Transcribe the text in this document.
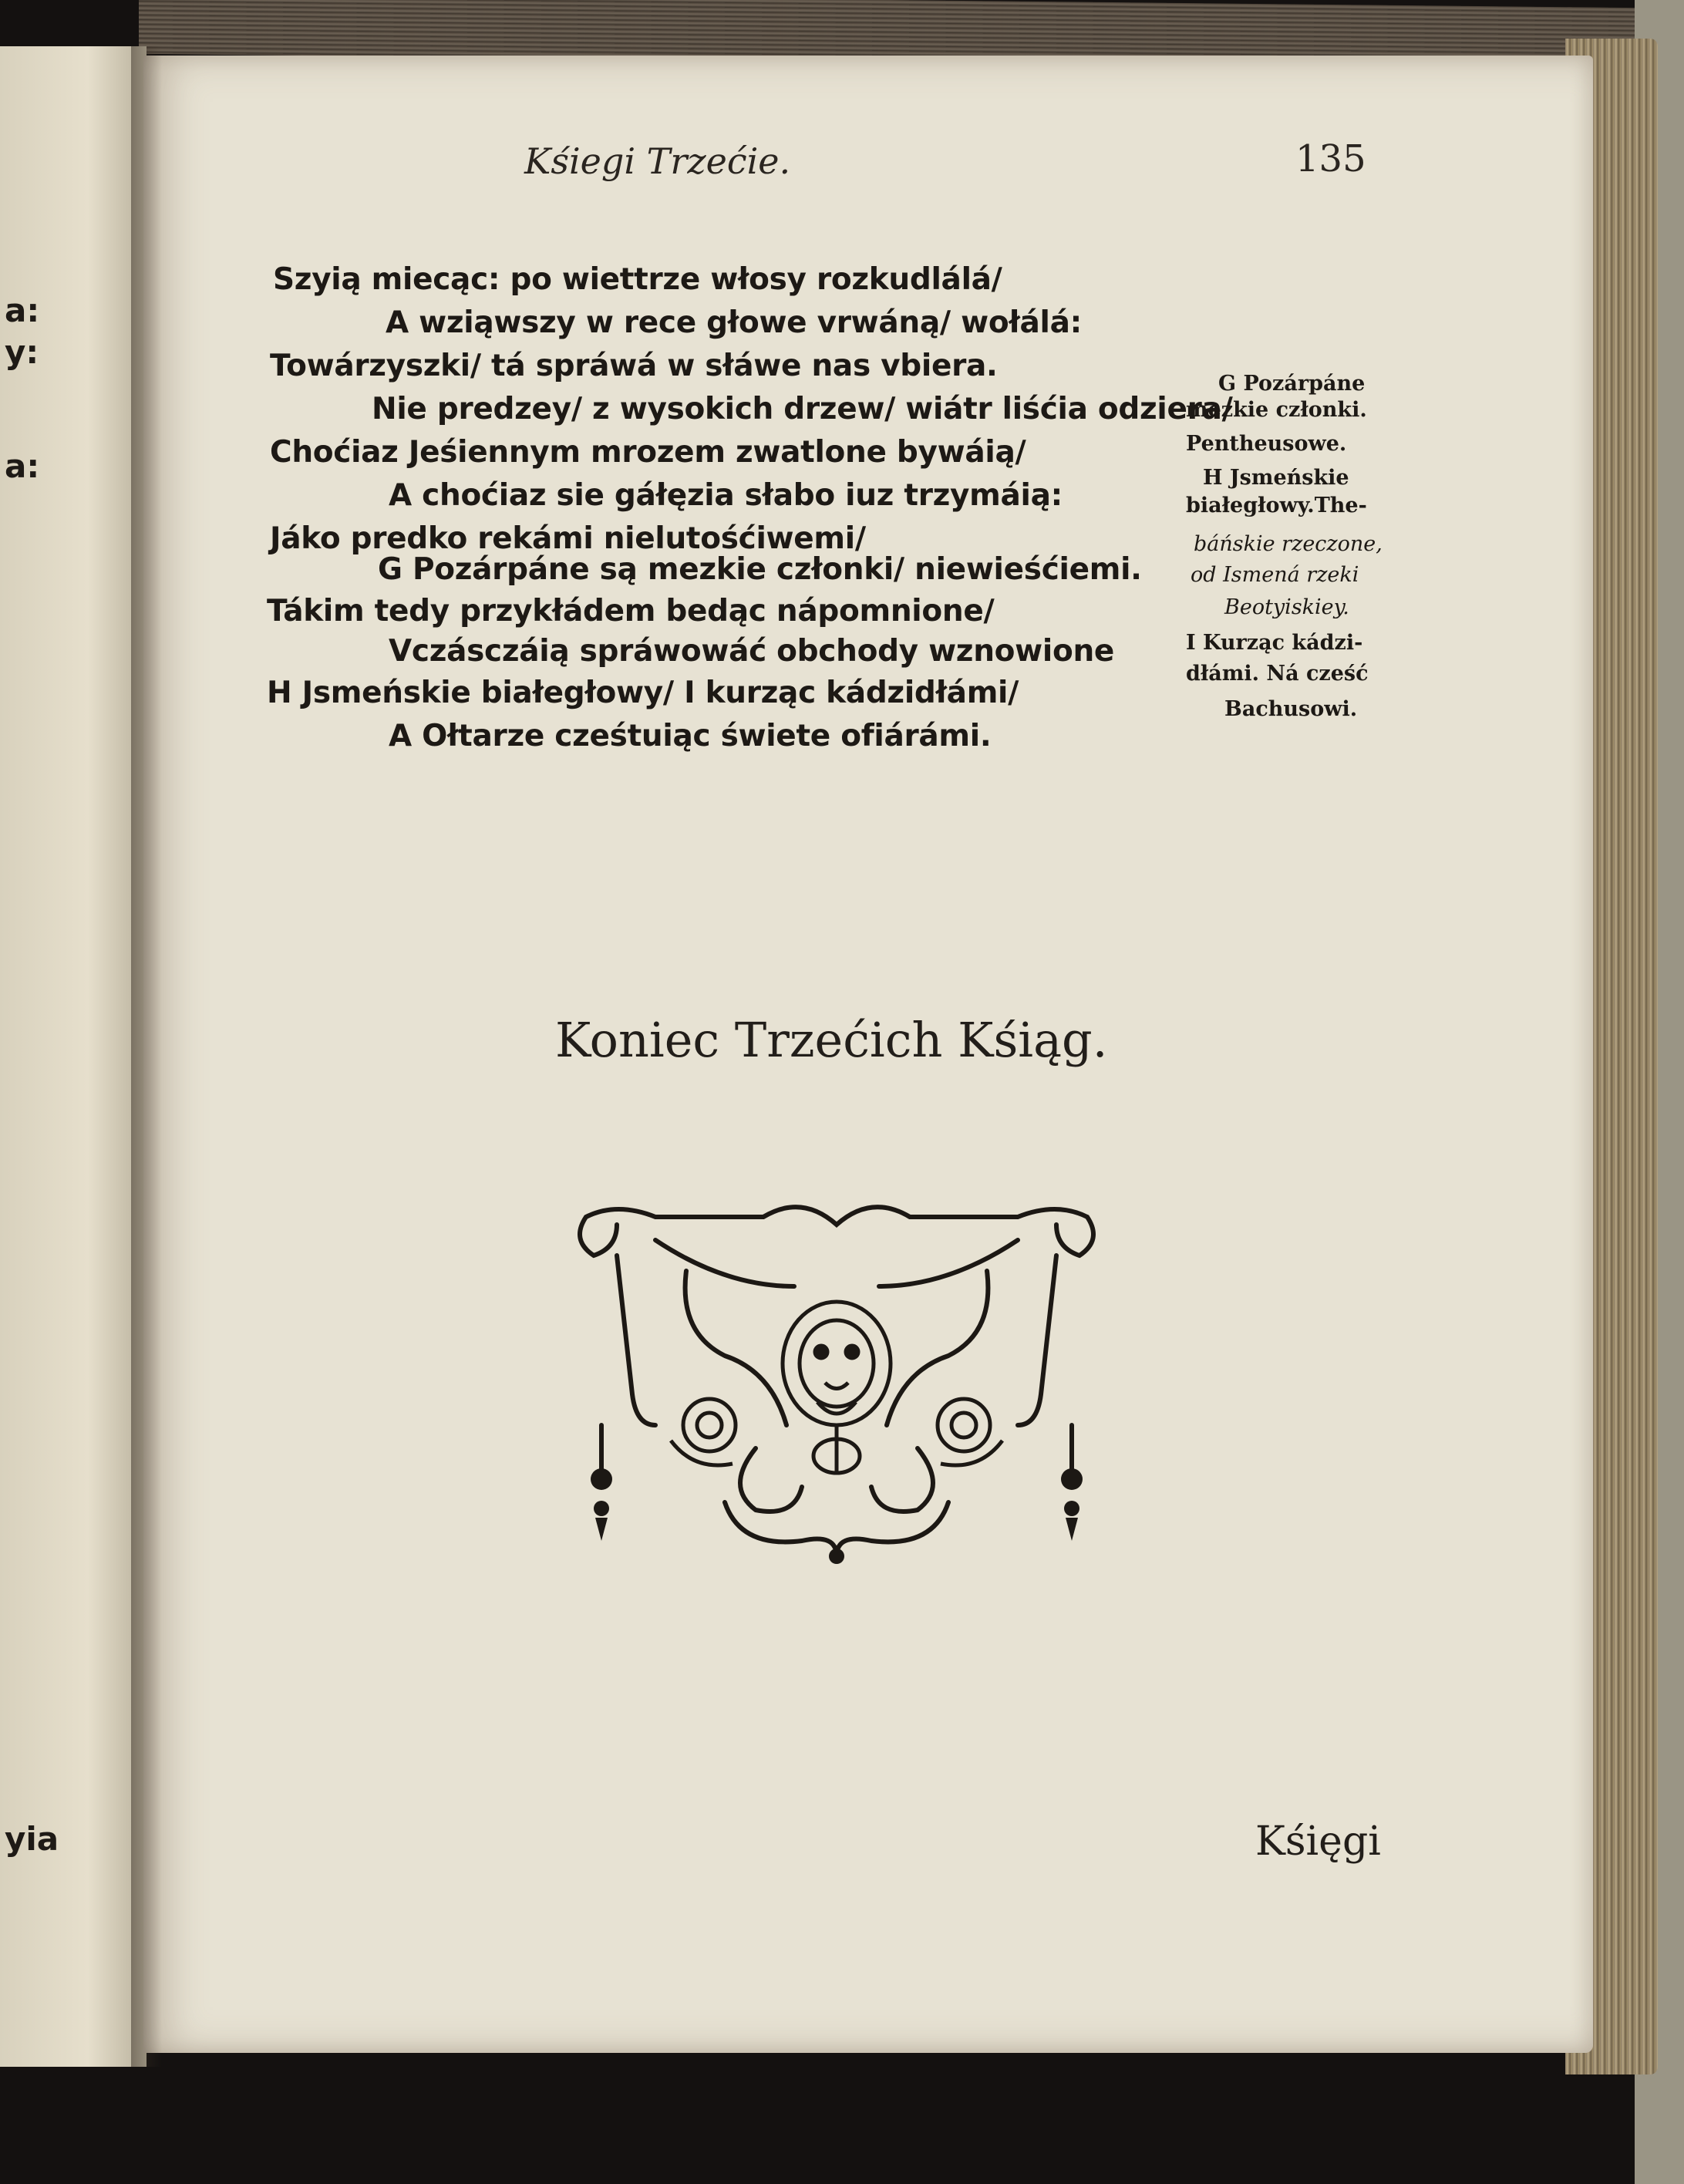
a:
y:
a:
yia

Kśiegi Trzećie.	135

Szyią miecąc: po wiettrze włosy rozkudlálá/

A wziąwszy w rece głowe vrwáną/ wołálá:

Towárzyszki/ tá spráwá w słáwe nas vbiera.

Nie predzey/ z wysokich drzew/ wiátr liśćia odziera/

Choćiaz Jeśiennym mrozem zwatlone bywáią/

A choćiaz sie gáłęzia słabo iuz trzymáią:

Jáko predko rekámi nielutośćiwemi/

G Pozárpáne są mezkie członki/ niewieśćiemi.

Tákim tedy przykłádem bedąc nápomnione/

Vczásczáią spráwowáć obchody wznowione

H Jsmeńskie białegłowy/ I kurząc kádzidłámi/

A Ołtarze cześtuiąc świete ofiárámi.

G Pozárpáne

mezkie członki.

Pentheusowe.

H Jsmeńskie

białegłowy.The-

báńskie rzeczone,

od Ismená rzeki

Beotyiskiey.

I Kurząc kádzi-

dłámi. Ná cześć

Bachusowi.

Koniec Trzećich Kśiąg.

Kśięgi
